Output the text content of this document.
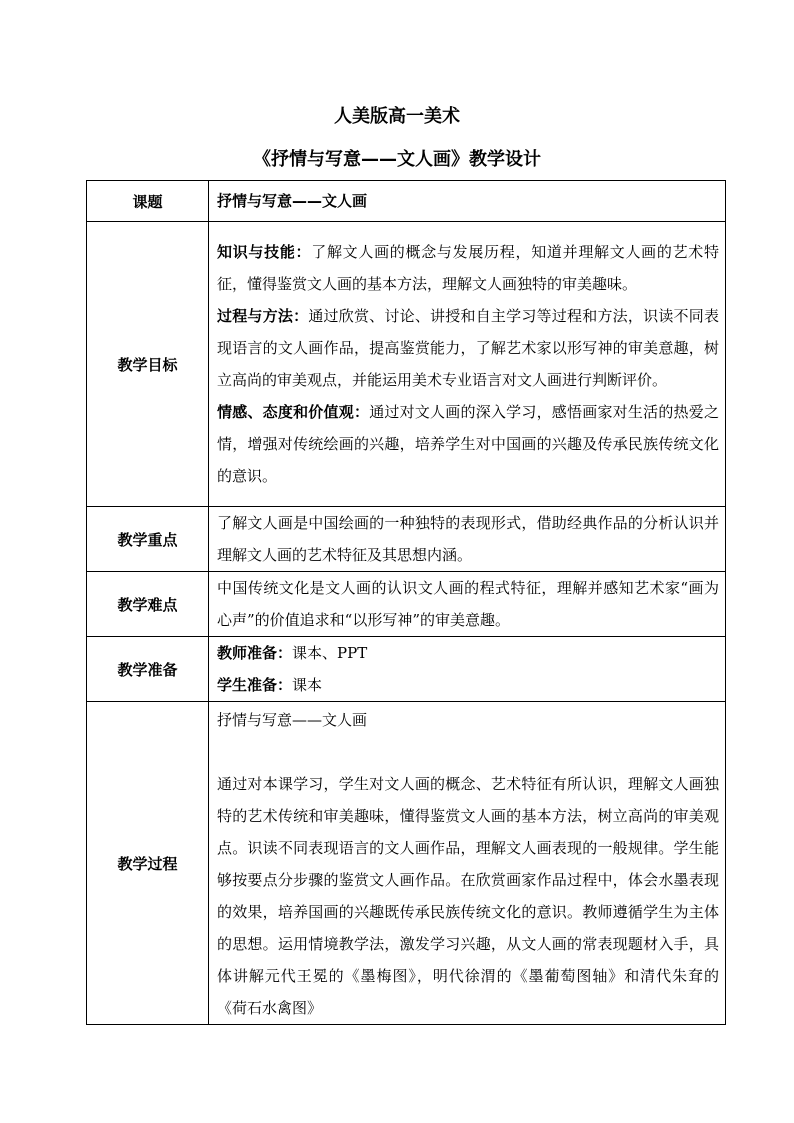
人美版高一美术
《抒情与写意——文人画》教学设计
课题	抒情与写意——文人画
教学目标	知识与技能：了解文人画的概念与发展历程，知道并理解文人画的艺术特征，懂得鉴赏文人画的基本方法，理解文人画独特的审美趣味。

过程与方法：通过欣赏、讨论、讲授和自主学习等过程和方法，识读不同表现语言的文人画作品，提高鉴赏能力，了解艺术家以形写神的审美意趣，树立高尚的审美观点，并能运用美术专业语言对文人画进行判断评价。

情感、态度和价值观：通过对文人画的深入学习，感悟画家对生活的热爱之情，增强对传统绘画的兴趣，培养学生对中国画的兴趣及传承民族传统文化的意识。

教学重点	了解文人画是中国绘画的一种独特的表现形式，借助经典作品的分析认识并理解文人画的艺术特征及其思想内涵。
教学难点	中国传统文化是文人画的认识文人画的程式特征，理解并感知艺术家“画为心声”的价值追求和“以形写神”的审美意趣。
教学准备	教师准备：课本、PPT

学生准备：课本

教学过程	抒情与写意——文人画

通过对本课学习，学生对文人画的概念、艺术特征有所认识，理解文人画独特的艺术传统和审美趣味，懂得鉴赏文人画的基本方法，树立高尚的审美观点。识读不同表现语言的文人画作品，理解文人画表现的一般规律。学生能够按要点分步骤的鉴赏文人画作品。在欣赏画家作品过程中，体会水墨表现的效果，培养国画的兴趣既传承民族传统文化的意识。教师遵循学生为主体的思想。运用情境教学法，激发学习兴趣，从文人画的常表现题材入手，具体讲解元代王冕的《墨梅图》，明代徐渭的《墨葡萄图轴》和清代朱耷的《荷石水禽图》
